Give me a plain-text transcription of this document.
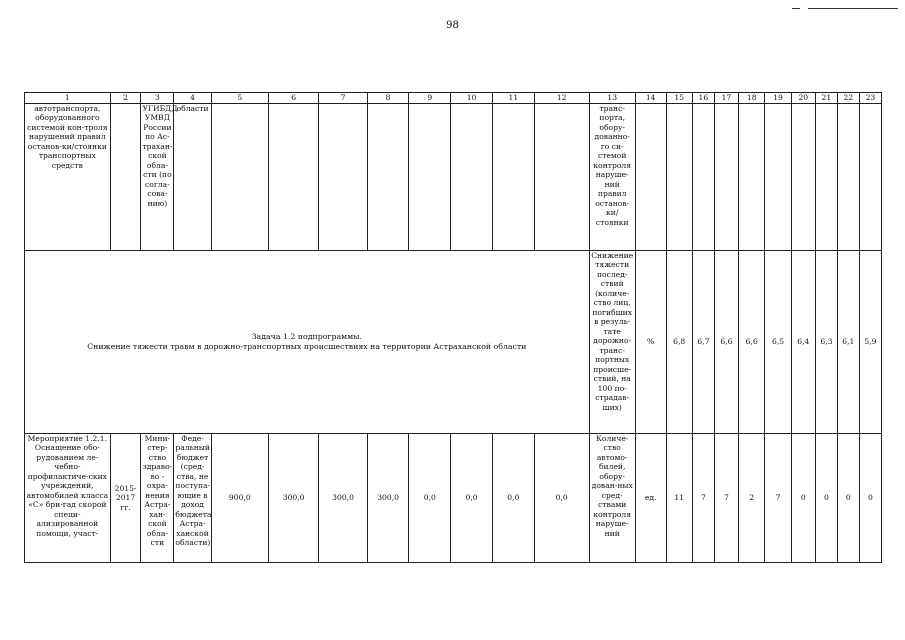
98
1	2	3	4	5	6	7	8	9	10	11	12	13	14	15	16	17	18	19	20	21	22	23
автотранспорта, оборудованного системой кон-троля нарушений правил останов-ки/стоянки транспортных средств		УГИБДД УМВД России по Ас-трахан-ской обла-сти (по согла-сова-нию)	области									транс-порта, обору-дованно-го си-стемой контроля наруше-ний правил останов-ки/ стоянки										

Задача 1.2 подпрограммы.
Снижение тяжести травм в дорожно-транспортных происшествиях на территории Астраханской области												Снижение тяжести послед-ствий (количе-ство лиц, погибших в резуль-тате дорожно-транс-портных происше-ствий, на 100 по-страдав-ших)	%	6,8	6,7	6,6	6,6	6,5	6,4	6,3	6,1	5,9
Мероприятие 1.2.1. Оснащение обо-рудованием ле-чебно-профилактиче-ских учреждений, автомобилей класса «С» бри-гад скорой специ-ализированной помощи, участ-	2015-2017 гг.	Мини-стер-ство здраво-во - охра-нения Астра-хан-ской обла-сти	Феде-ральный бюджет (сред-ства, не поступа-ющие в доход бюджета Астра-ханской области)	900,0	300,0	300,0	300,0	0,0	0,0	0,0	0,0	Количе-ство автомо-билей, обору-дован-ных сред-ствами контроля наруше-ний	ед.	11	7	7	2	7	0	0	0	0
